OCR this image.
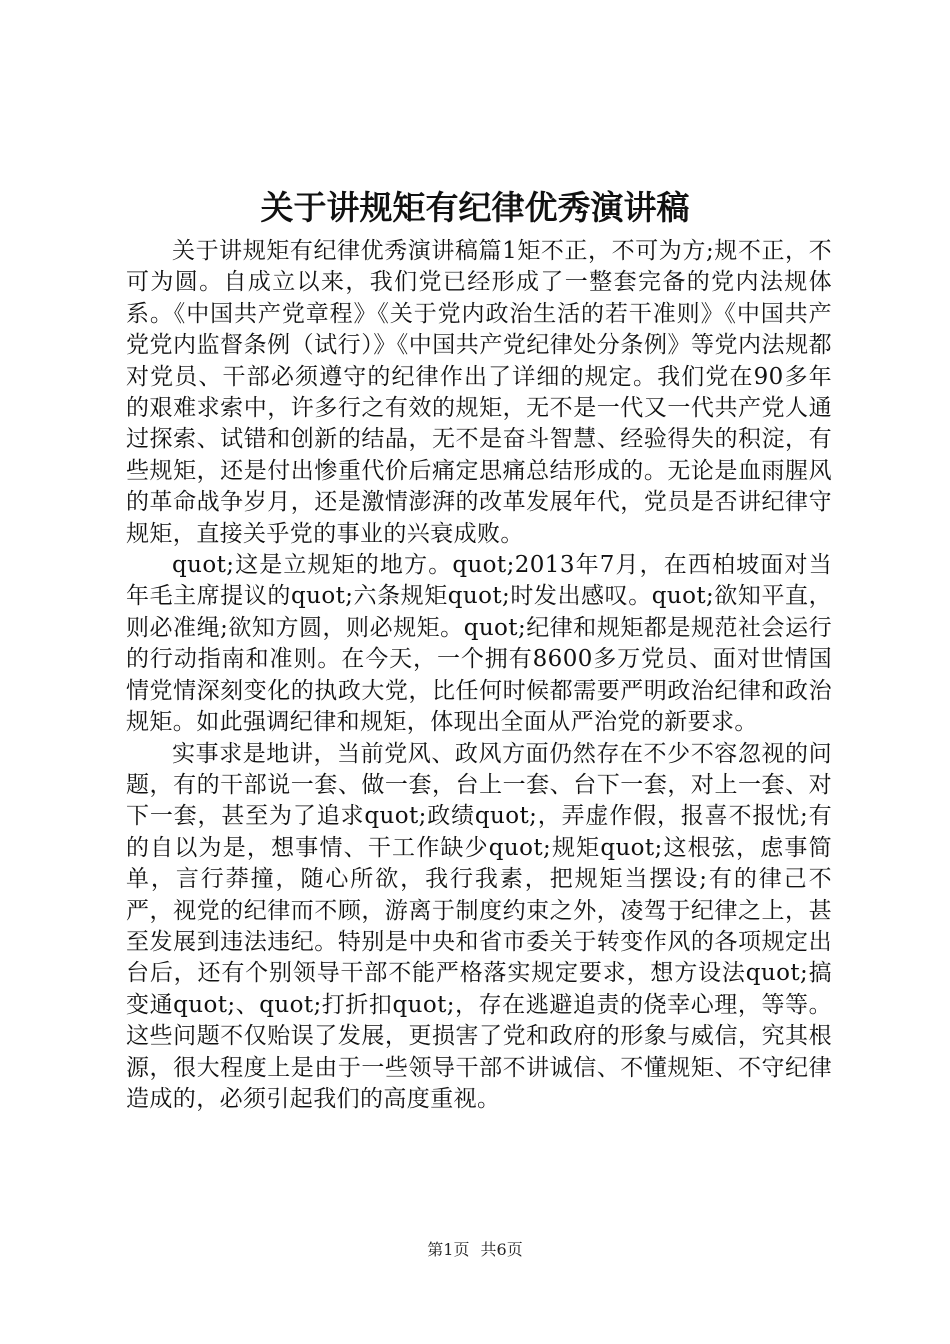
关于讲规矩有纪律优秀演讲稿

关于讲规矩有纪律优秀演讲稿篇1矩不正，不可为方;规不正，不可为圆。自成立以来，我们党已经形成了一整套完备的党内法规体系。《中国共产党章程》《关于党内政治生活的若干准则》《中国共产党党内监督条例（试行）》《中国共产党纪律处分条例》等党内法规都对党员、干部必须遵守的纪律作出了详细的规定。我们党在90多年的艰难求索中，许多行之有效的规矩，无不是一代又一代共产党人通过探索、试错和创新的结晶，无不是奋斗智慧、经验得失的积淀，有些规矩，还是付出惨重代价后痛定思痛总结形成的。无论是血雨腥风的革命战争岁月，还是激情澎湃的改革发展年代，党员是否讲纪律守规矩，直接关乎党的事业的兴衰成败。

quot;这是立规矩的地方。quot;2013年7月，在西柏坡面对当年毛主席提议的quot;六条规矩quot;时发出感叹。quot;欲知平直，则必准绳;欲知方圆，则必规矩。quot;纪律和规矩都是规范社会运行的行动指南和准则。在今天，一个拥有8600多万党员、面对世情国情党情深刻变化的执政大党，比任何时候都需要严明政治纪律和政治规矩。如此强调纪律和规矩，体现出全面从严治党的新要求。

实事求是地讲，当前党风、政风方面仍然存在不少不容忽视的问题，有的干部说一套、做一套，台上一套、台下一套，对上一套、对下一套，甚至为了追求quot;政绩quot;，弄虚作假，报喜不报忧;有的自以为是，想事情、干工作缺少quot;规矩quot;这根弦，虑事简单，言行莽撞，随心所欲，我行我素，把规矩当摆设;有的律己不严，视党的纪律而不顾，游离于制度约束之外，凌驾于纪律之上，甚至发展到违法违纪。特别是中央和省市委关于转变作风的各项规定出台后，还有个别领导干部不能严格落实规定要求，想方设法quot;搞变通quot;、quot;打折扣quot;，存在逃避追责的侥幸心理，等等。这些问题不仅贻误了发展，更损害了党和政府的形象与威信，究其根源，很大程度上是由于一些领导干部不讲诚信、不懂规矩、不守纪律造成的，必须引起我们的高度重视。

第1页 共6页
